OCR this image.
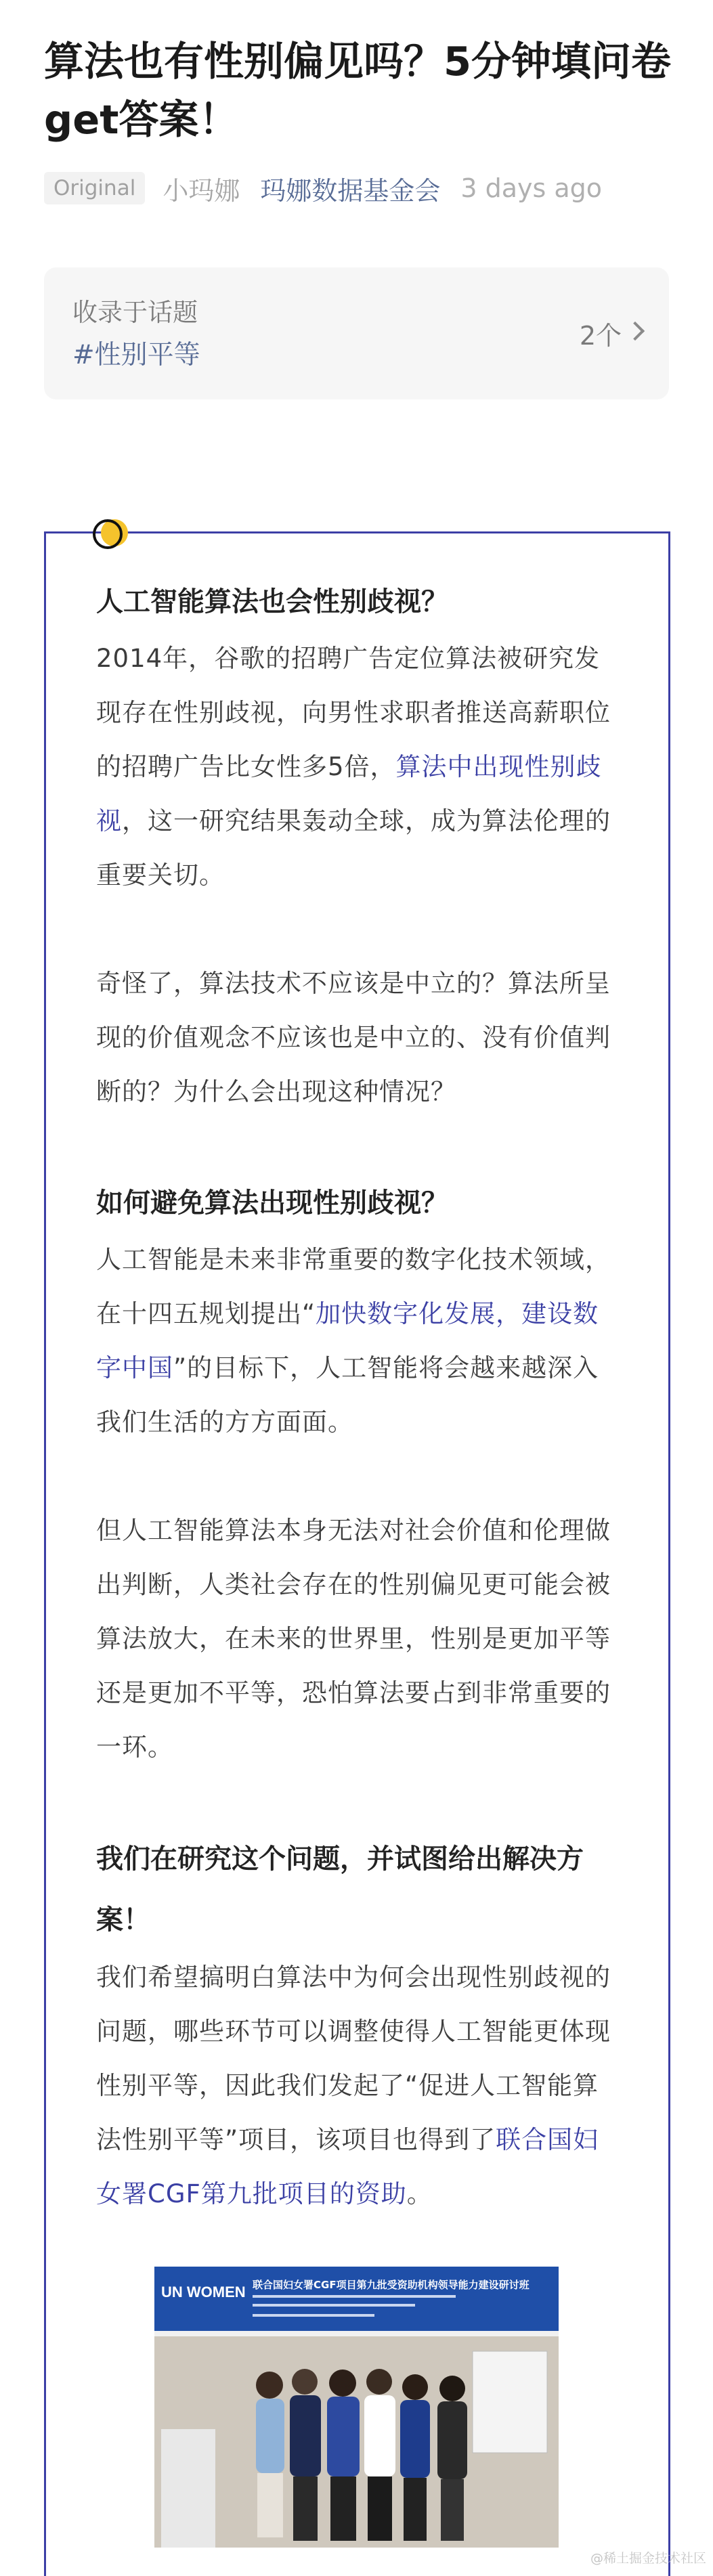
算法也有性别偏见吗？5分钟填问卷get答案！
Original	小玛娜 玛娜数据基金会 3 days ago
收录于话题
#性别平等
2个

人工智能算法也会性别歧视？

2014年，谷歌的招聘广告定位算法被研究发现存在性别歧视，向男性求职者推送高薪职位的招聘广告比女性多5倍，算法中出现性别歧视，这一研究结果轰动全球，成为算法伦理的重要关切。

奇怪了，算法技术不应该是中立的？算法所呈现的价值观念不应该也是中立的、没有价值判断的？为什么会出现这种情况？

如何避免算法出现性别歧视？

人工智能是未来非常重要的数字化技术领域，在十四五规划提出“加快数字化发展，建设数字中国”的目标下，人工智能将会越来越深入我们生活的方方面面。

但人工智能算法本身无法对社会价值和伦理做出判断，人类社会存在的性别偏见更可能会被算法放大，在未来的世界里，性别是更加平等还是更加不平等，恐怕算法要占到非常重要的一环。

我们在研究这个问题，并试图给出解决方案！

我们希望搞明白算法中为何会出现性别歧视的问题，哪些环节可以调整使得人工智能更体现性别平等，因此我们发起了“促进人工智能算法性别平等”项目，该项目也得到了联合国妇女署CGF第九批项目的资助。

UN WOMEN 联合国妇女署CGF项目第九批受资助机构领导能力建设研讨班
@稀土掘金技术社区
